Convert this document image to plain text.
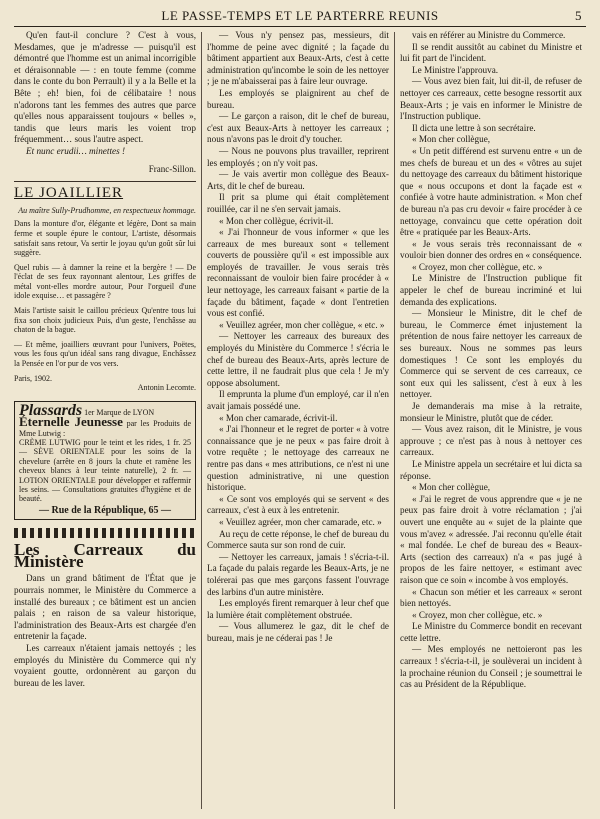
LE PASSE-TEMPS ET LE PARTERRE REUNIS	5

Qu'en faut-il conclure ? C'est à vous, Mesdames, que je m'adresse — puisqu'il est démontré que l'homme est un animal incorrigible et déraisonnable — : en toute femme (comme dans le conte du bon Perrault) il y a la Belle et la Bête ; eh! bien, foi de célibataire ! nous n'adorons tant les femmes des autres que parce qu'elles nous apparaissent toujours « belles », tandis que leurs maris les voient trop fréquemment… sous l'autre aspect.

Et nunc erudii… minettes !

Franc-Sillon.
LE JOAILLIER
Au maître Sully-Prudhomme, en respectueux hommage.
Dans la monture d'or, élégante et légère, Dont sa main ferme et souple épure le contour, L'artiste, désormais satisfait sans retour, Va sertir le joyau qu'un goût sûr lui suggère.
Quel rubis — à damner la reine et la bergère ! — De l'éclat de ses feux rayonnant alentour, Les griffes de métal vont-elles mordre autour, Pour l'orgueil d'une idole exquise… et passagère ?
Mais l'artiste saisit le caillou précieux Qu'entre tous lui fixa son choix judicieux Puis, d'un geste, l'enchâsse au chaton de la bague.
— Et même, joailliers œuvrant pour l'univers, Poëtes, vous les fous qu'un idéal sans rang divague, Enchâssez la Pensée en l'or pur de vos vers.
Paris, 1902.
Antonin Lecomte.
Plassards 1er Marque de LYON
Éternelle Jeunesse par les Produits de Mme Lutwig :
CRÈME LUTWIG pour le teint et les rides, 1 fr. 25 — SÈVE ORIENTALE pour les soins de la chevelure (arrête en 8 jours la chute et ramène les cheveux blancs à leur teinte naturelle), 2 fr. — LOTION ORIENTALE pour développer et raffermir les seins. — Consultations gratuites d'hygiène et de beauté.
— Rue de la République, 65 —
Les Carreaux du Ministère

Dans un grand bâtiment de l'État que je pourrais nommer, le Ministère du Commerce a installé des bureaux ; ce bâtiment est un ancien palais ; en raison de sa valeur historique, l'administration des Beaux-Arts est chargée d'en entretenir la façade.

Les carreaux n'étaient jamais nettoyés ; les employés du Ministère du Commerce qui n'y voyaient goutte, ordonnèrent au garçon du bureau de les laver.

— Vous n'y pensez pas, messieurs, dit l'homme de peine avec dignité ; la façade du bâtiment appartient aux Beaux-Arts, c'est à cette administration qu'incombe le soin de les nettoyer ; je ne m'abaisserai pas à faire leur ouvrage.

Les employés se plaignirent au chef de bureau.

— Le garçon a raison, dit le chef de bureau, c'est aux Beaux-Arts à nettoyer les carreaux ; nous n'avons pas le droit d'y toucher.

— Nous ne pouvons plus travailler, reprirent les employés ; on n'y voit pas.

— Je vais avertir mon collègue des Beaux-Arts, dit le chef de bureau.

Il prit sa plume qui était complètement rouillée, car il ne s'en servait jamais.

« Mon cher collègue, écrivit-il.

« J'ai l'honneur de vous informer « que les carreaux de mes bureaux sont « tellement couverts de poussière qu'il « est impossible aux employés de travailler. Je vous serais très reconnaissant de vouloir bien faire procéder à « leur nettoyage, les carreaux faisant « partie de la façade du bâtiment, façade « dont l'entretien vous est confié.

« Veuillez agréer, mon cher collègue, « etc. »

— Nettoyer les carreaux des bureaux des employés du Ministère du Commerce ! s'écria le chef de bureau des Beaux-Arts, après lecture de cette lettre, il ne faudrait plus que cela ! Je m'y oppose absolument.

Il emprunta la plume d'un employé, car il n'en avait jamais possédé une.

« Mon cher camarade, écrivit-il.

« J'ai l'honneur et le regret de porter « à votre connaissance que je ne peux « pas faire droit à votre requête ; le nettoyage des carreaux ne rentre pas dans « mes attributions, ce n'est ni une question administrative, ni une question historique.

« Ce sont vos employés qui se servent « des carreaux, c'est à eux à les entretenir.

« Veuillez agréer, mon cher camarade, etc. »

Au reçu de cette réponse, le chef de bureau du Commerce sauta sur son rond de cuir.

— Nettoyer les carreaux, jamais ! s'écria-t-il. La façade du palais regarde les Beaux-Arts, je ne tolérerai pas que mes garçons fassent l'ouvrage des larbins d'un autre ministère.

Les employés firent remarquer à leur chef que la lumière était complètement obstruée.

— Vous allumerez le gaz, dit le chef de bureau, mais je ne céderai pas ! Je

vais en référer au Ministre du Commerce.

Il se rendit aussitôt au cabinet du Ministre et lui fit part de l'incident.

Le Ministre l'approuva.

— Vous avez bien fait, lui dit-il, de refuser de nettoyer ces carreaux, cette besogne ressortit aux Beaux-Arts ; je vais en informer le Ministre de l'Instruction publique.

Il dicta une lettre à son secrétaire.

« Mon cher collègue,

« Un petit différend est survenu entre « un de mes chefs de bureau et un des « vôtres au sujet du nettoyage des carreaux du bâtiment historique que « nous occupons et dont la façade est « confiée à votre haute administration. « Mon chef de bureau n'a pas cru devoir « faire procéder à ce nettoyage, convaincu que cette opération doit être « pratiquée par les Beaux-Arts.

« Je vous serais très reconnaissant de « vouloir bien donner des ordres en « conséquence.

« Croyez, mon cher collègue, etc. »

Le Ministre de l'Instruction publique fit appeler le chef de bureau incriminé et lui demanda des explications.

— Monsieur le Ministre, dit le chef de bureau, le Commerce émet injustement la prétention de nous faire nettoyer les carreaux de ses bureaux. Nous ne sommes pas leurs domestiques ! Ce sont les employés du Commerce qui se servent de ces carreaux, ce sont eux qui les salissent, c'est à eux à les nettoyer.

Je demanderais ma mise à la retraite, monsieur le Ministre, plutôt que de céder.

— Vous avez raison, dit le Ministre, je vous approuve ; ce n'est pas à nous à nettoyer ces carreaux.

Le Ministre appela un secrétaire et lui dicta sa réponse.

« Mon cher collègue,

« J'ai le regret de vous apprendre que « je ne peux pas faire droit à votre réclamation ; j'ai ouvert une enquête au « sujet de la plainte que vous m'avez « adressée. J'ai reconnu qu'elle était « mal fondée. Le chef de bureau des « Beaux-Arts (section des carreaux) n'a « pas jugé à propos de les faire nettoyer, « estimant avec raison que ce soin « incombe à vos employés.

« Chacun son métier et les carreaux « seront bien nettoyés.

« Croyez, mon cher collègue, etc. »

Le Ministre du Commerce bondit en recevant cette lettre.

— Mes employés ne nettoieront pas les carreaux ! s'écria-t-il, je soulèverai un incident à la prochaine réunion du Conseil ; je soumettrai le cas au Président de la République.
